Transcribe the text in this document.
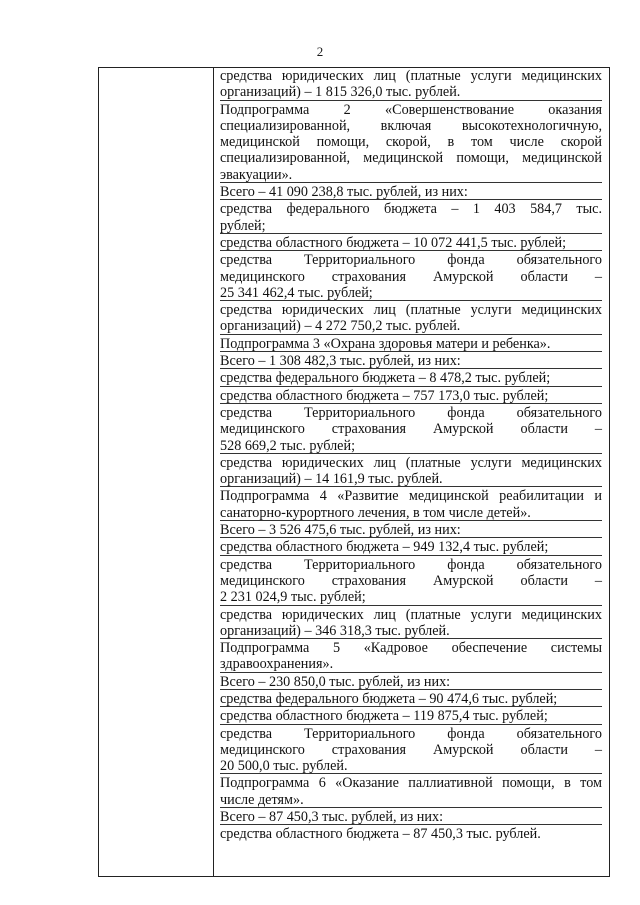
2
средства юридических лиц (платные услуги медицинских
организаций) – 1 815 326,0 тыс. рублей.
Подпрограмма 2 «Совершенствование оказания
специализированной, включая высокотехнологичную,
медицинской помощи, скорой, в том числе скорой
специализированной, медицинской помощи, медицинской
эвакуации».
Всего – 41 090 238,8 тыс. рублей, из них:
средства федерального бюджета – 1 403 584,7 тыс.
рублей;
средства областного бюджета – 10 072 441,5 тыс. рублей;
средства Территориального фонда обязательного
медицинского страхования Амурской области –
25 341 462,4 тыс. рублей;
средства юридических лиц (платные услуги медицинских
организаций) – 4 272 750,2 тыс. рублей.
Подпрограмма 3 «Охрана здоровья матери и ребенка».
Всего – 1 308 482,3 тыс. рублей, из них:
средства федерального бюджета – 8 478,2 тыс. рублей;
средства областного бюджета – 757 173,0 тыс. рублей;
средства Территориального фонда обязательного
медицинского страхования Амурской области –
528 669,2 тыс. рублей;
средства юридических лиц (платные услуги медицинских
организаций) – 14 161,9 тыс. рублей.
Подпрограмма 4 «Развитие медицинской реабилитации и
санаторно-курортного лечения, в том числе детей».
Всего – 3 526 475,6 тыс. рублей, из них:
средства областного бюджета – 949 132,4 тыс. рублей;
средства Территориального фонда обязательного
медицинского страхования Амурской области –
2 231 024,9 тыс. рублей;
средства юридических лиц (платные услуги медицинских
организаций) – 346 318,3 тыс. рублей.
Подпрограмма 5 «Кадровое обеспечение системы
здравоохранения».
Всего – 230 850,0 тыс. рублей, из них:
средства федерального бюджета – 90 474,6 тыс. рублей;
средства областного бюджета – 119 875,4 тыс. рублей;
средства Территориального фонда обязательного
медицинского страхования Амурской области –
20 500,0 тыс. рублей.
Подпрограмма 6 «Оказание паллиативной помощи, в том
числе детям».
Всего – 87 450,3 тыс. рублей, из них:
средства областного бюджета – 87 450,3 тыс. рублей.
